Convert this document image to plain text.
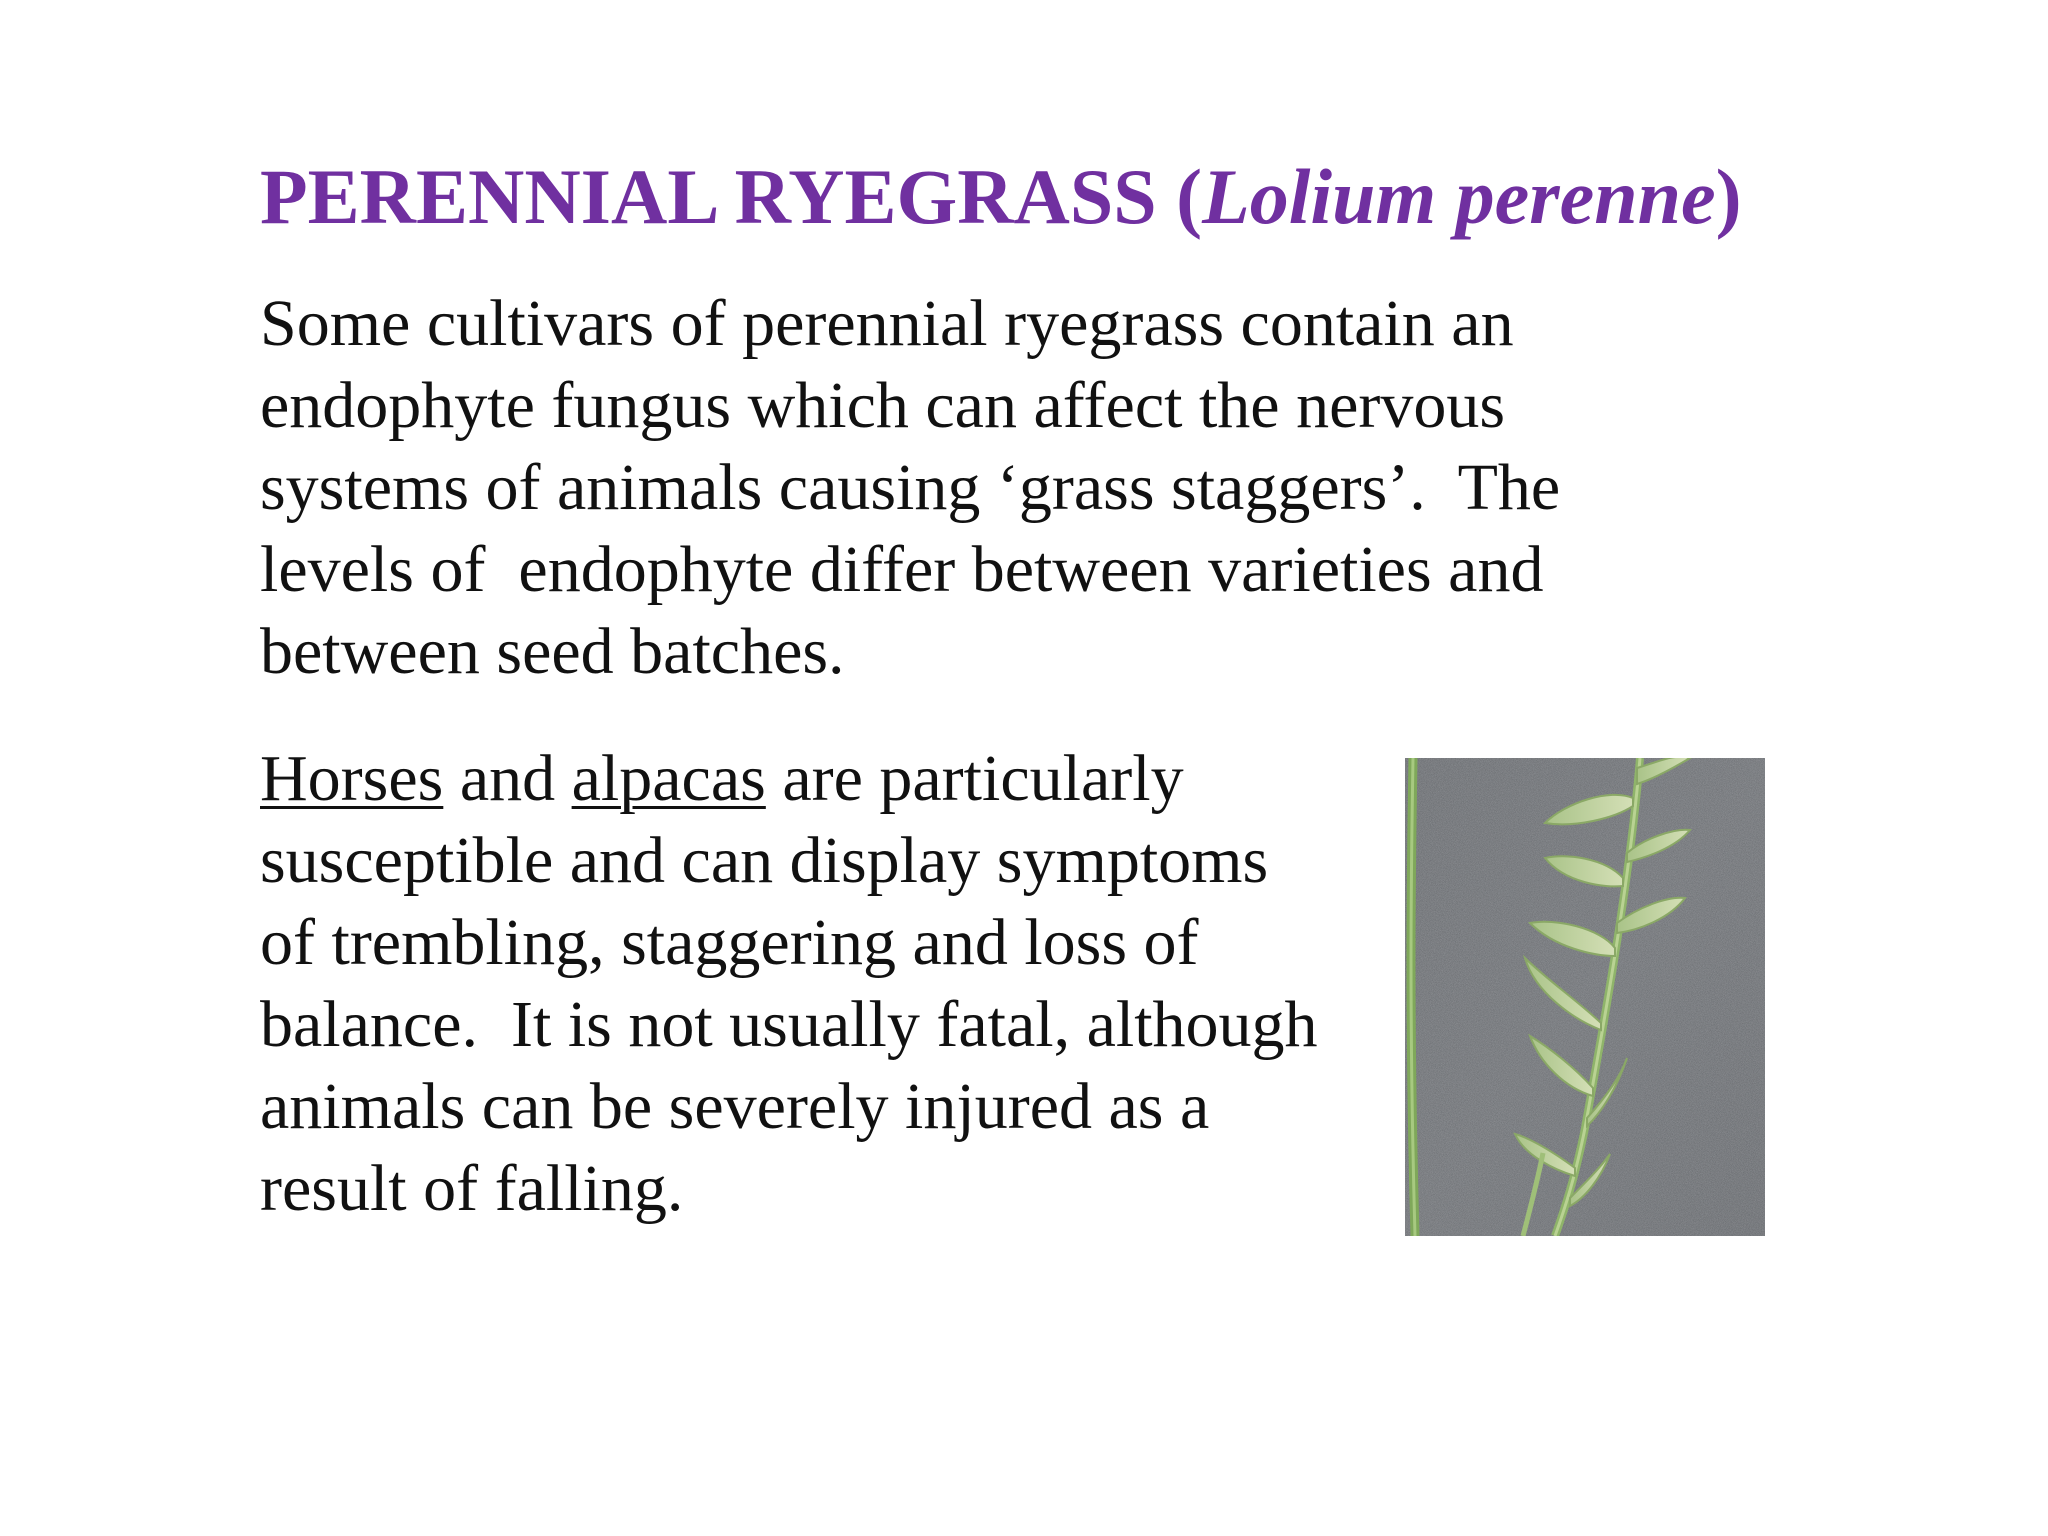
PERENNIAL RYEGRASS (Lolium perenne)
Some cultivars of perennial ryegrass contain an
endophyte fungus which can affect the nervous
systems of animals causing ‘grass staggers’.  The
levels of  endophyte differ between varieties and
between seed batches.
Horses and alpacas are particularly
susceptible and can display symptoms
of trembling, staggering and loss of
balance.  It is not usually fatal, although
animals can be severely injured as a
result of falling.
